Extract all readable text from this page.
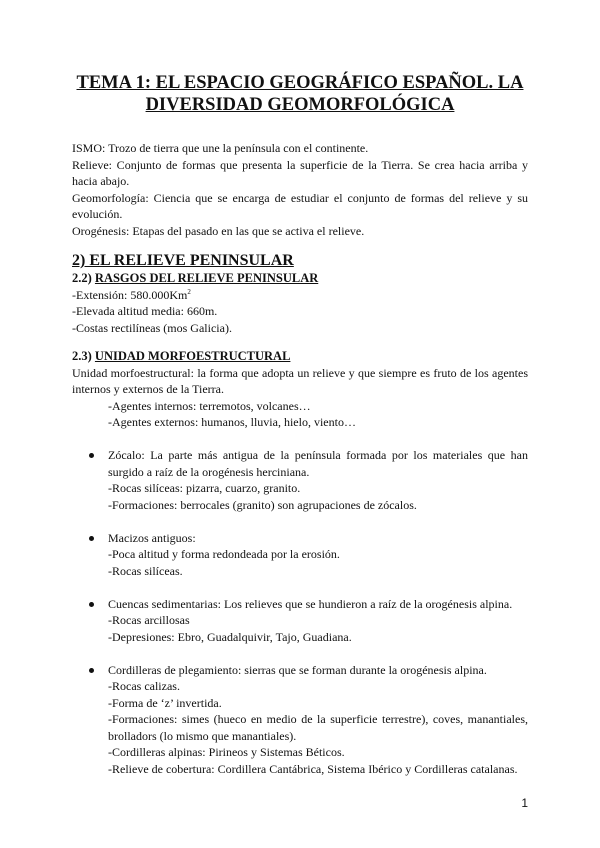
TEMA 1: EL ESPACIO GEOGRÁFICO ESPAÑOL. LA
DIVERSIDAD GEOMORFOLÓGICA

ISMO: Trozo de tierra que une la península con el continente.

Relieve: Conjunto de formas que presenta la superficie de la Tierra. Se crea hacia arriba y hacia abajo.

Geomorfología: Ciencia que se encarga de estudiar el conjunto de formas del relieve y su evolución.

Orogénesis: Etapas del pasado en las que se activa el relieve.

2) EL RELIEVE PENINSULAR
2.2) RASGOS DEL RELIEVE PENINSULAR

-Extensión: 580.000Km$^2$

-Elevada altitud media: 660m.

-Costas rectilíneas (mos Galicia).

2.3) UNIDAD MORFOESTRUCTURAL

Unidad morfoestructural: la forma que adopta un relieve y que siempre es fruto de los agentes internos y externos de la Tierra.

-Agentes internos: terremotos, volcanes…

-Agentes externos: humanos, lluvia, hielo, viento…

Zócalo: La parte más antigua de la península formada por los materiales que han surgido a raíz de la orogénesis herciniana.

-Rocas silíceas: pizarra, cuarzo, granito.

-Formaciones: berrocales (granito) son agrupaciones de zócalos.

Macizos antiguos:

-Poca altitud y forma redondeada por la erosión.

-Rocas silíceas.

Cuencas sedimentarias: Los relieves que se hundieron a raíz de la orogénesis alpina.

-Rocas arcillosas

-Depresiones: Ebro, Guadalquivir, Tajo, Guadiana.

Cordilleras de plegamiento: sierras que se forman durante la orogénesis alpina.

-Rocas calizas.

-Forma de ‘z’ invertida.

-Formaciones: simes (hueco en medio de la superficie terrestre), coves, manantiales, brolladors (lo mismo que manantiales).

-Cordilleras alpinas: Pirineos y Sistemas Béticos.

-Relieve de cobertura: Cordillera Cantábrica, Sistema Ibérico y Cordilleras catalanas.

1
